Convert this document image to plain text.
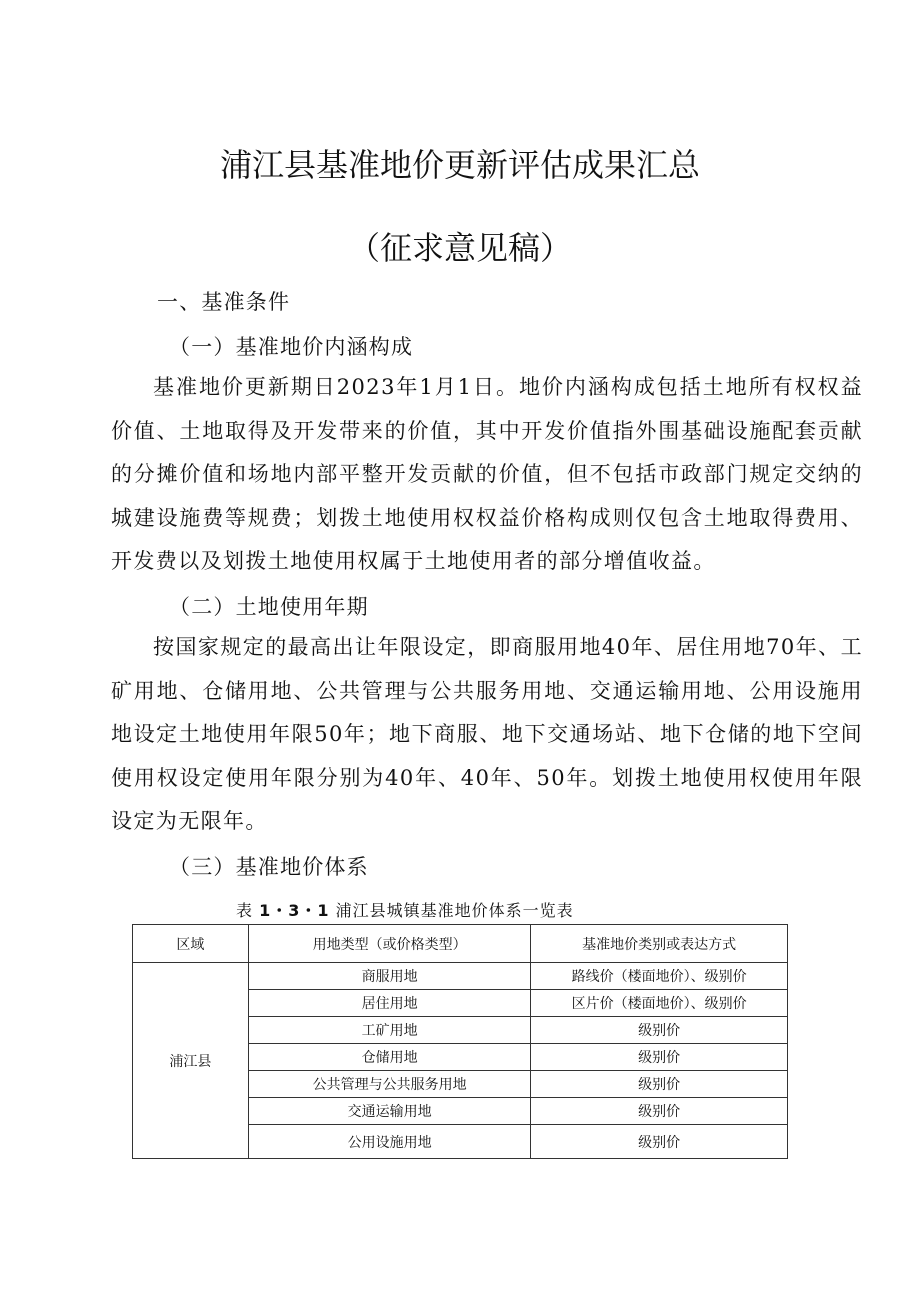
浦江县基准地价更新评估成果汇总
（征求意见稿）
一、基准条件
（一）基准地价内涵构成
基准地价更新期日2023年1月1日。地价内涵构成包括土地所有权权益价值、土地取得及开发带来的价值，其中开发价值指外围基础设施配套贡献的分摊价值和场地内部平整开发贡献的价值，但不包括市政部门规定交纳的城建设施费等规费；划拨土地使用权权益价格构成则仅包含土地取得费用、开发费以及划拨土地使用权属于土地使用者的部分增值收益。
（二）土地使用年期
按国家规定的最高出让年限设定，即商服用地40年、居住用地70年、工矿用地、仓储用地、公共管理与公共服务用地、交通运输用地、公用设施用地设定土地使用年限50年；地下商服、地下交通场站、地下仓储的地下空间使用权设定使用年限分别为40年、40年、50年。划拨土地使用权使用年限设定为无限年。
（三）基准地价体系
表 1・3・1 浦江县城镇基准地价体系一览表
区域	用地类型（或价格类型）	基准地价类别或表达方式
浦江县	商服用地	路线价（楼面地价）、级别价
	居住用地	区片价（楼面地价）、级别价
	工矿用地	级别价
	仓储用地	级别价
	公共管理与公共服务用地	级别价
	交通运输用地	级别价
	公用设施用地	级别价
